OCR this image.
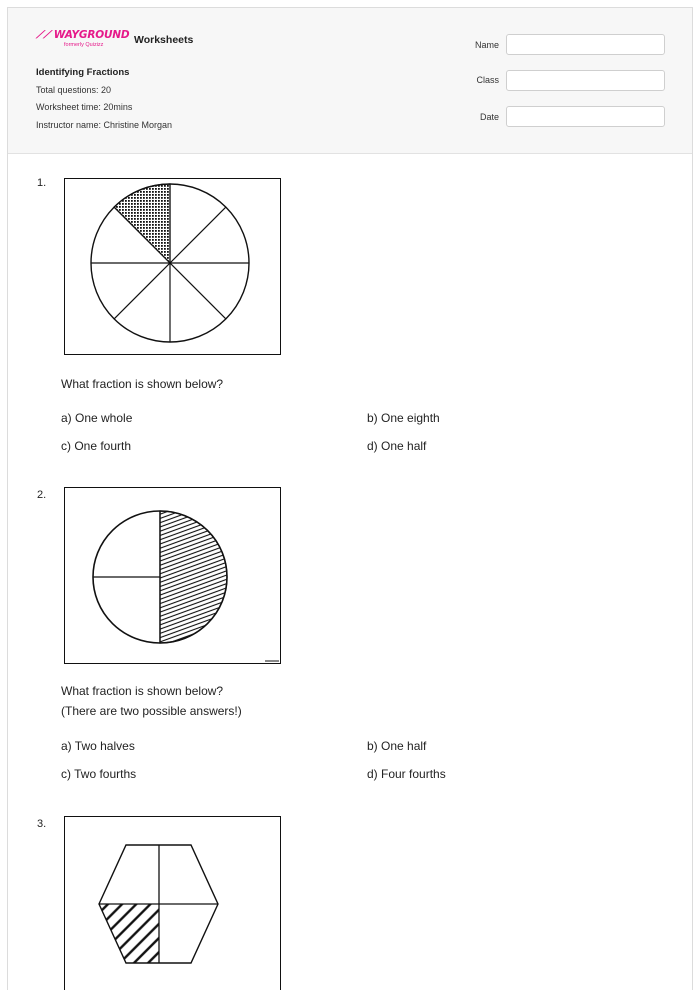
⟋⟋ WAYGROUND
formerly Quizizz	Worksheets
Identifying Fractions
Total questions: 20
Worksheet time: 20mins
Instructor name: Christine Morgan
Name
Class
Date
1.
What fraction is shown below?
a) One whole	b) One eighth
c) One fourth	d) One half
2.
What fraction is shown below?
(There are two possible answers!)
a) Two halves	b) One half
c) Two fourths	d) Four fourths
3.
